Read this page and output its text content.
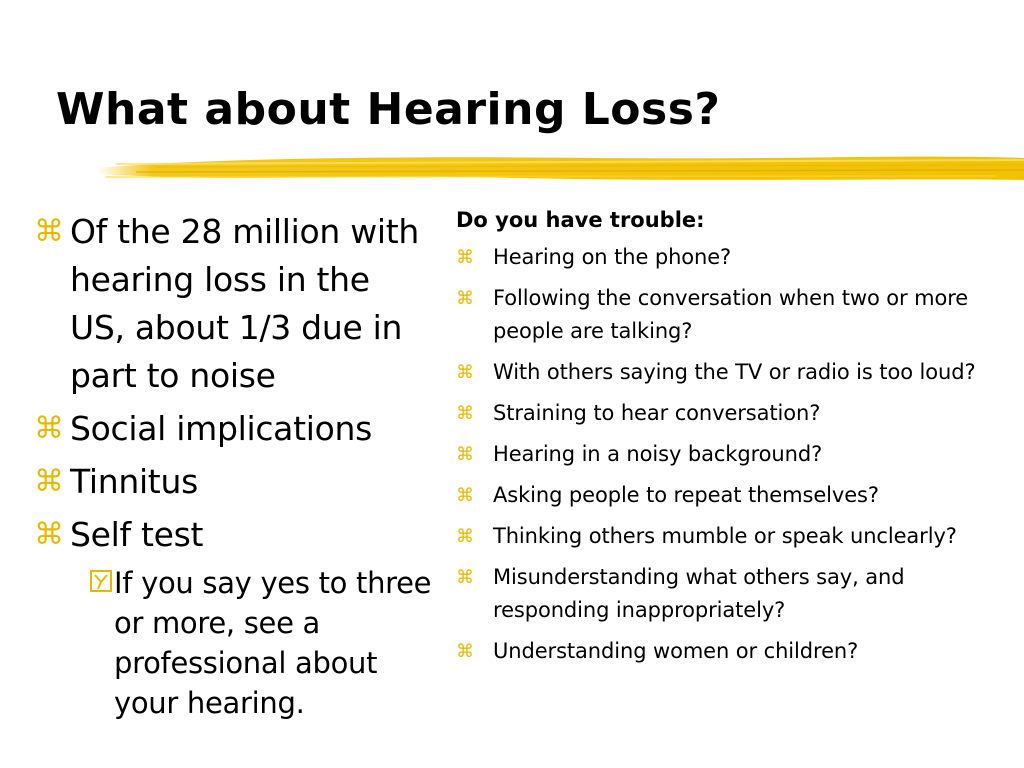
What about Hearing Loss?
⌘ Of the 28 million with hearing loss in the US, about 1/3 due in part to noise
⌘ Social implications
⌘ Tinnitus
⌘ Self test
If you say yes to three or more, see a professional about your hearing.
Do you have trouble:
⌘ Hearing on the phone?
⌘ Following the conversation when two or more people are talking?
⌘ With others saying the TV or radio is too loud?
⌘ Straining to hear conversation?
⌘ Hearing in a noisy background?
⌘ Asking people to repeat themselves?
⌘ Thinking others mumble or speak unclearly?
⌘ Misunderstanding what others say, and responding inappropriately?
⌘ Understanding women or children?
